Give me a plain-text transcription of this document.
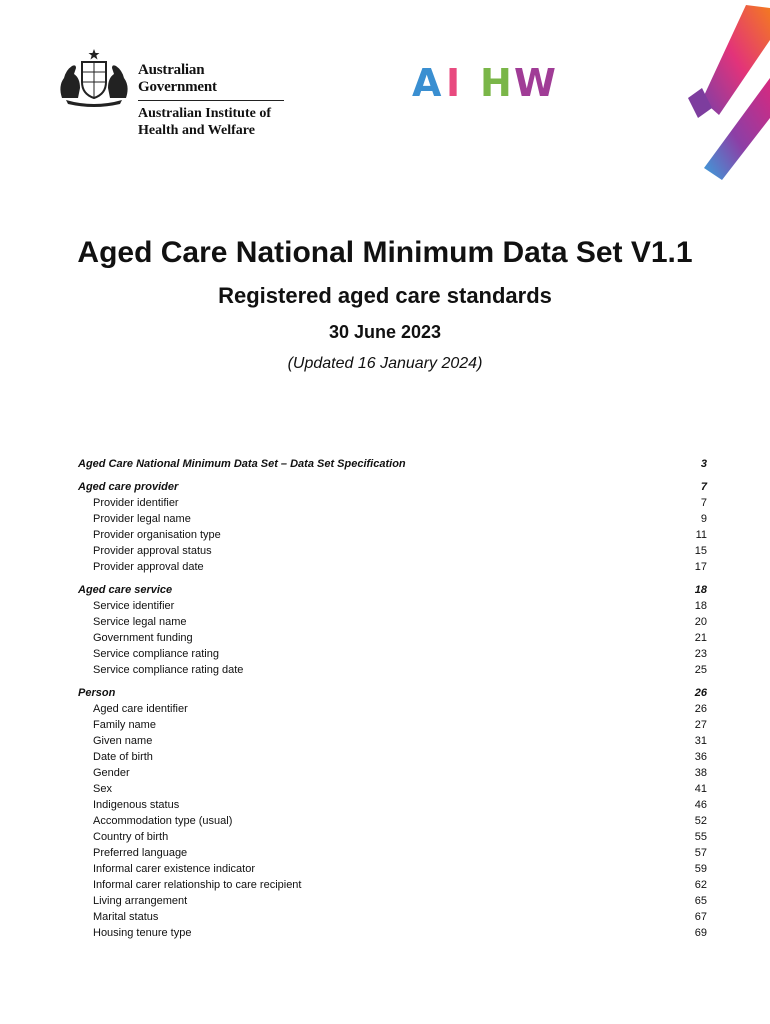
Australian Government
Australian Institute of
Health and Welfare
A I H W
Aged Care National Minimum Data Set V1.1
Registered aged care standards
30 June 2023
(Updated 16 January 2024)
Aged Care National Minimum Data Set – Data Set Specification	3
Aged care provider	7
Provider identifier	7
Provider legal name	9
Provider organisation type	11
Provider approval status	15
Provider approval date	17
Aged care service	18
Service identifier	18
Service legal name	20
Government funding	21
Service compliance rating	23
Service compliance rating date	25
Person	26
Aged care identifier	26
Family name	27
Given name	31
Date of birth	36
Gender	38
Sex	41
Indigenous status	46
Accommodation type (usual)	52
Country of birth	55
Preferred language	57
Informal carer existence indicator	59
Informal carer relationship to care recipient	62
Living arrangement	65
Marital status	67
Housing tenure type	69
